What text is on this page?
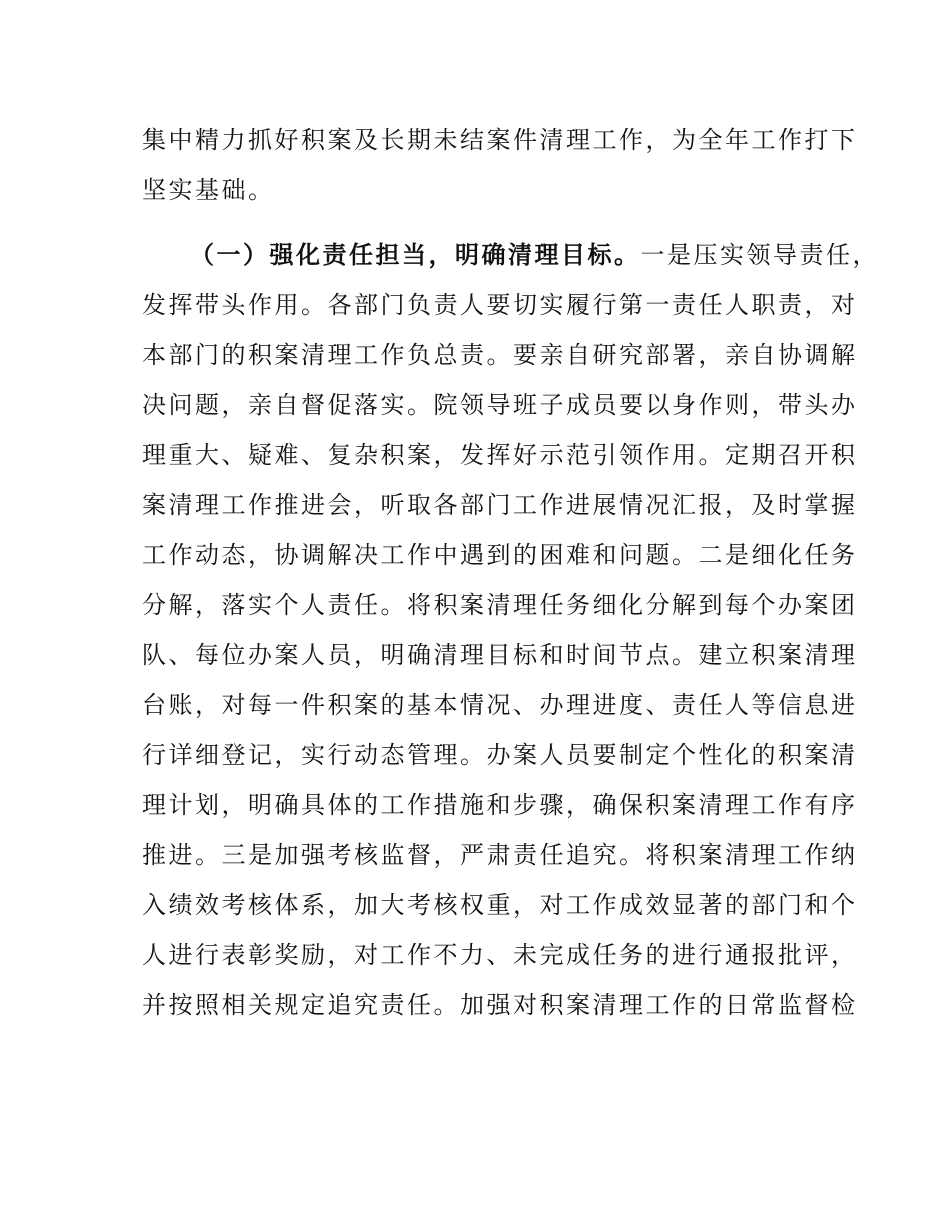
集中精力抓好积案及长期未结案件清理工作，为全年工作打下
坚实基础。
（一）强化责任担当，明确清理目标。一是压实领导责任，
发挥带头作用。各部门负责人要切实履行第一责任人职责，对
本部门的积案清理工作负总责。要亲自研究部署，亲自协调解
决问题，亲自督促落实。院领导班子成员要以身作则，带头办
理重大、疑难、复杂积案，发挥好示范引领作用。定期召开积
案清理工作推进会，听取各部门工作进展情况汇报，及时掌握
工作动态，协调解决工作中遇到的困难和问题。二是细化任务
分解，落实个人责任。将积案清理任务细化分解到每个办案团
队、每位办案人员，明确清理目标和时间节点。建立积案清理
台账，对每一件积案的基本情况、办理进度、责任人等信息进
行详细登记，实行动态管理。办案人员要制定个性化的积案清
理计划，明确具体的工作措施和步骤，确保积案清理工作有序
推进。三是加强考核监督，严肃责任追究。将积案清理工作纳
入绩效考核体系，加大考核权重，对工作成效显著的部门和个
人进行表彰奖励，对工作不力、未完成任务的进行通报批评，
并按照相关规定追究责任。加强对积案清理工作的日常监督检
